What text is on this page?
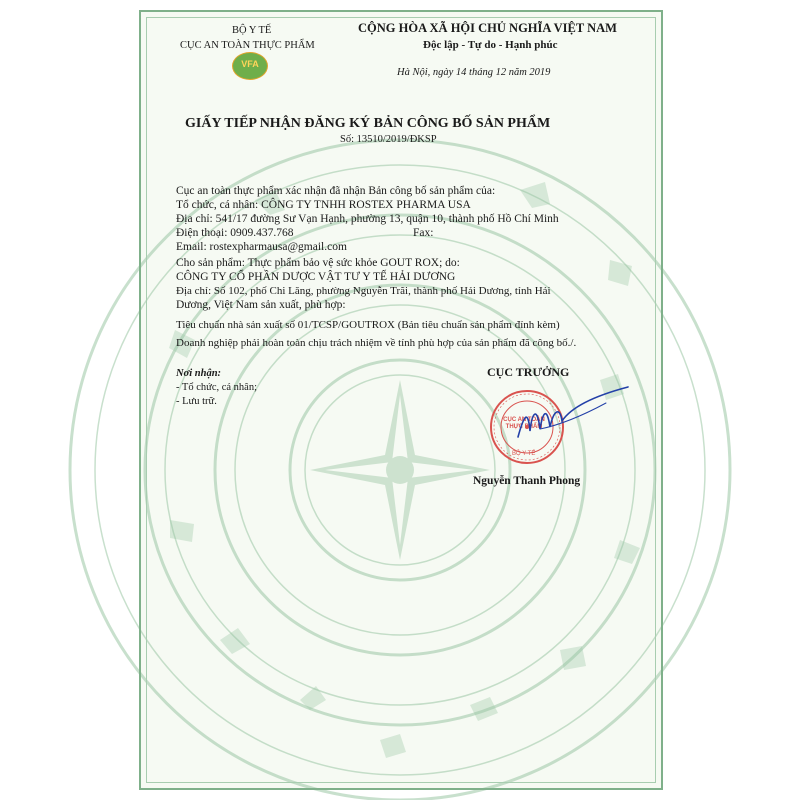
BỘ Y TẾ
CỤC AN TOÀN THỰC PHẨM
VFA
CỘNG HÒA XÃ HỘI CHỦ NGHĨA VIỆT NAM
Độc lập - Tự do - Hạnh phúc
Hà Nội, ngày 14 tháng 12 năm 2019
GIẤY TIẾP NHẬN ĐĂNG KÝ BẢN CÔNG BỐ SẢN PHẨM
Số: 13510/2019/ĐKSP
Cục an toàn thực phẩm xác nhận đã nhận Bản công bố sản phẩm của:
Tổ chức, cá nhân: CÔNG TY TNHH ROSTEX PHARMA USA
Địa chỉ: 541/17 đường Sư Vạn Hạnh, phường 13, quận 10, thành phố Hồ Chí Minh
Điện thoại: 0909.437.768	Fax:
Email: rostexpharmausa@gmail.com
Cho sản phẩm: Thực phẩm bảo vệ sức khỏe GOUT ROX; do:
CÔNG TY CỔ PHẦN DƯỢC VẬT TƯ Y TẾ HẢI DƯƠNG
Địa chỉ: Số 102, phố Chi Lăng, phường Nguyễn Trãi, thành phố Hải Dương, tỉnh Hải
Dương, Việt Nam sản xuất, phù hợp:
Tiêu chuẩn nhà sản xuất số 01/TCSP/GOUTROX (Bản tiêu chuẩn sản phẩm đính kèm)
Doanh nghiệp phải hoàn toàn chịu trách nhiệm về tính phù hợp của sản phẩm đã công bố./.
Nơi nhận:
- Tổ chức, cá nhân;
- Lưu trữ.
CỤC TRƯỞNG
CỤC AN TOÀN THỰC PHẨM
BỘ Y TẾ
Nguyễn Thanh Phong
